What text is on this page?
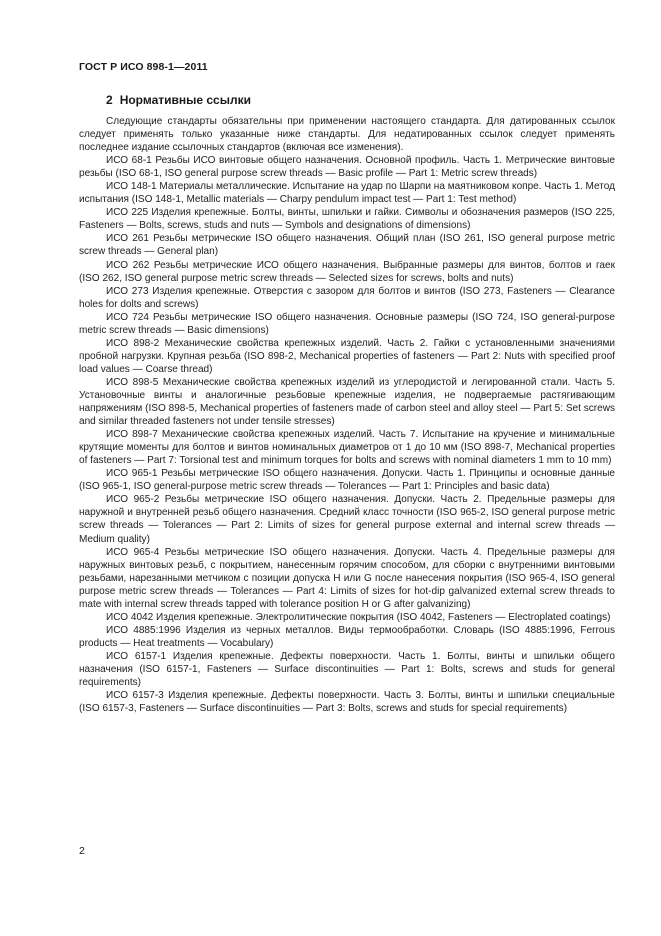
ГОСТ Р ИСО 898-1—2011
2 Нормативные ссылки

Следующие стандарты обязательны при применении настоящего стандарта. Для датированных ссылок следует применять только указанные ниже стандарты. Для недатированных ссылок следует применять последнее издание ссылочных стандартов (включая все изменения).

ИСО 68-1 Резьбы ИСО винтовые общего назначения. Основной профиль. Часть 1. Метрические винтовые резьбы (ISO 68-1, ISO general purpose screw threads — Basic profile — Part 1: Metric screw threads)

ИСО 148-1 Материалы металлические. Испытание на удар по Шарпи на маятниковом копре. Часть 1. Метод испытания (ISO 148-1, Metallic materials — Charpy pendulum impact test — Part 1: Test method)

ИСО 225 Изделия крепежные. Болты, винты, шпильки и гайки. Символы и обозначения размеров (ISO 225, Fasteners — Bolts, screws, studs and nuts — Symbols and designations of dimensions)

ИСО 261 Резьбы метрические ISO общего назначения. Общий план (ISO 261, ISO general purpose metric screw threads — General plan)

ИСО 262 Резьбы метрические ИСО общего назначения. Выбранные размеры для винтов, болтов и гаек (ISO 262, ISO general purpose metric screw threads — Selected sizes for screws, bolts and nuts)

ИСО 273 Изделия крепежные. Отверстия с зазором для болтов и винтов (ISO 273, Fasteners — Clearance holes for dolts and screws)

ИСО 724 Резьбы метрические ISO общего назначения. Основные размеры (ISO 724, ISO general-purpose metric screw threads — Basic dimensions)

ИСО 898-2 Механические свойства крепежных изделий. Часть 2. Гайки с установленными значениями пробной нагрузки. Крупная резьба (ISO 898-2, Mechanical properties of fasteners — Part 2: Nuts with specified proof load values — Coarse thread)

ИСО 898-5 Механические свойства крепежных изделий из углеродистой и легированной стали. Часть 5. Установочные винты и аналогичные резьбовые крепежные изделия, не подвергаемые растягивающим напряжениям (ISO 898-5, Mechanical properties of fasteners made of carbon steel and alloy steel — Part 5: Set screws and similar threaded fasteners not under tensile stresses)

ИСО 898-7 Механические свойства крепежных изделий. Часть 7. Испытание на кручение и минимальные крутящие моменты для болтов и винтов номинальных диаметров от 1 до 10 мм (ISO 898-7, Mechanical properties of fasteners — Part 7: Torsional test and minimum torques for bolts and screws with nominal diameters 1 mm to 10 mm)

ИСО 965-1 Резьбы метрические ISO общего назначения. Допуски. Часть 1. Принципы и основные данные (ISO 965-1, ISO general-purpose metric screw threads — Tolerances — Part 1: Principles and basic data)

ИСО 965-2 Резьбы метрические ISO общего назначения. Допуски. Часть 2. Предельные размеры для наружной и внутренней резьб общего назначения. Средний класс точности (ISO 965-2, ISO general purpose metric screw threads — Tolerances — Part 2: Limits of sizes for general purpose external and internal screw threads — Medium quality)

ИСО 965-4 Резьбы метрические ISO общего назначения. Допуски. Часть 4. Предельные размеры для наружных винтовых резьб, с покрытием, нанесенным горячим способом, для сборки с внутренними винтовыми резьбами, нарезанными метчиком с позиции допуска H или G после нанесения покрытия (ISO 965-4, ISO general purpose metric screw threads — Tolerances — Part 4: Limits of sizes for hot-dip galvanized external screw threads to mate with internal screw threads tapped with tolerance position H or G after galvanizing)

ИСО 4042 Изделия крепежные. Электролитические покрытия (ISO 4042, Fasteners — Electroplated coatings)

ИСО 4885:1996 Изделия из черных металлов. Виды термообработки. Словарь (ISO 4885:1996, Ferrous products — Heat treatments — Vocabulary)

ИСО 6157-1 Изделия крепежные. Дефекты поверхности. Часть 1. Болты, винты и шпильки общего назначения (ISO 6157-1, Fasteners — Surface discontinuities — Part 1: Bolts, screws and studs for general requirements)

ИСО 6157-3 Изделия крепежные. Дефекты поверхности. Часть 3. Болты, винты и шпильки специальные (ISO 6157-3, Fasteners — Surface discontinuities — Part 3: Bolts, screws and studs for special requirements)

2
